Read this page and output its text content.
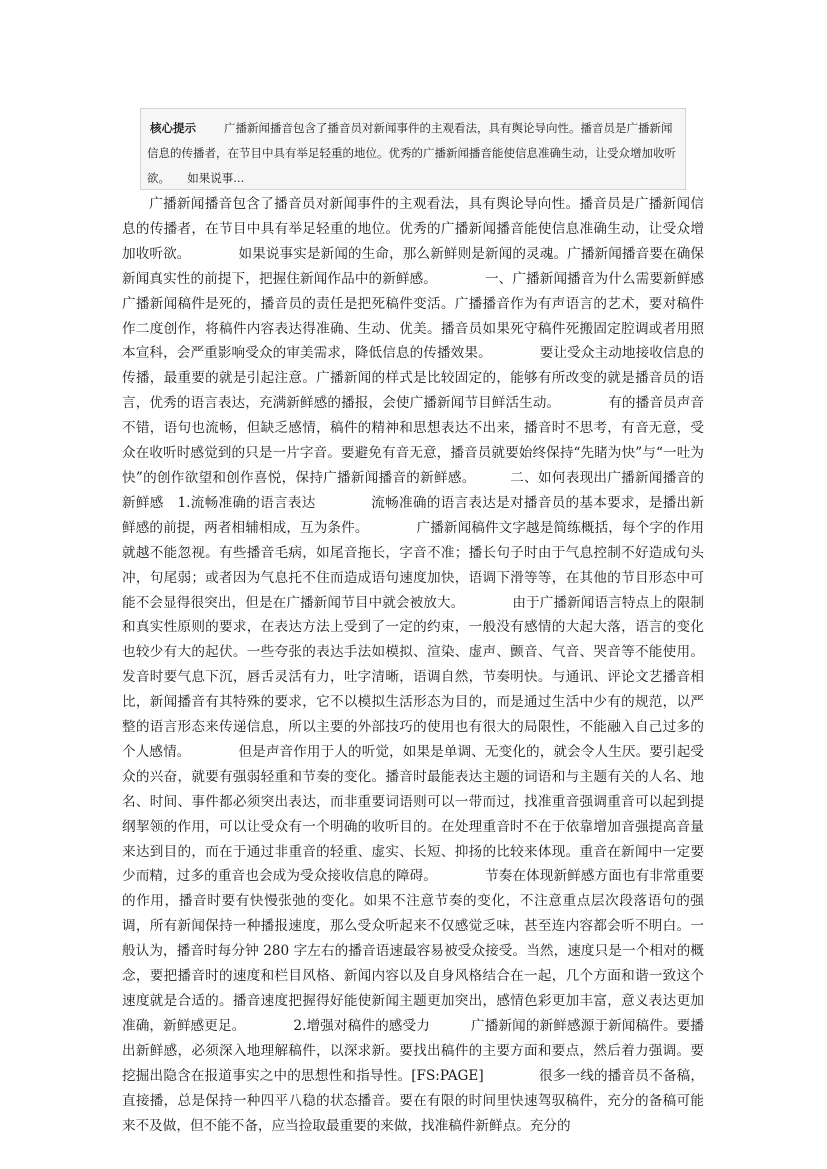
核心提示 广播新闻播音包含了播音员对新闻事件的主观看法，具有舆论导向性。播音员是广播新闻信息的传播者，在节目中具有举足轻重的地位。优秀的广播新闻播音能使信息准确生动，让受众增加收听欲。　　如果说事...

广播新闻播音包含了播音员对新闻事件的主观看法，具有舆论导向性。播音员是广播新闻信息的传播者，在节目中具有举足轻重的地位。优秀的广播新闻播音能使信息准确生动，让受众增加收听欲。　　　　如果说事实是新闻的生命，那么新鲜则是新闻的灵魂。广播新闻播音要在确保新闻真实性的前提下，把握住新闻作品中的新鲜感。　　　　一、广播新闻播音为什么需要新鲜感　　　广播新闻稿件是死的，播音员的责任是把死稿件变活。广播播音作为有声语言的艺术，要对稿件作二度创作，将稿件内容表达得准确、生动、优美。播音员如果死守稿件死搬固定腔调或者用照本宣科，会严重影响受众的审美需求，降低信息的传播效果。　　　　要让受众主动地接收信息的传播，最重要的就是引起注意。广播新闻的样式是比较固定的，能够有所改变的就是播音员的语言，优秀的语言表达，充满新鲜感的播报，会使广播新闻节目鲜活生动。　　　　有的播音员声音不错，语句也流畅，但缺乏感情，稿件的精神和思想表达不出来，播音时不思考，有音无意，受众在收听时感觉到的只是一片字音。要避免有音无意，播音员就要始终保持“先睹为快”与“一吐为快”的创作欲望和创作喜悦，保持广播新闻播音的新鲜感。　　　二、如何表现出广播新闻播音的新鲜感　1.流畅准确的语言表达　　　　流畅准确的语言表达是对播音员的基本要求，是播出新鲜感的前提，两者相辅相成，互为条件。　　　　广播新闻稿件文字越是简练概括，每个字的作用就越不能忽视。有些播音毛病，如尾音拖长，字音不准；播长句子时由于气息控制不好造成句头冲，句尾弱；或者因为气息托不住而造成语句速度加快，语调下滑等等，在其他的节目形态中可能不会显得很突出，但是在广播新闻节目中就会被放大。　　　　由于广播新闻语言特点上的限制和真实性原则的要求，在表达方法上受到了一定的约束，一般没有感情的大起大落，语言的变化也较少有大的起伏。一些夸张的表达手法如模拟、渲染、虚声、颤音、气音、哭音等不能使用。发音时要气息下沉，唇舌灵活有力，吐字清晰，语调自然，节奏明快。与通讯、评论文艺播音相比，新闻播音有其特殊的要求，它不以模拟生活形态为目的，而是通过生活中少有的规范，以严整的语言形态来传递信息，所以主要的外部技巧的使用也有很大的局限性，不能融入自己过多的个人感情。　　　　但是声音作用于人的听觉，如果是单调、无变化的，就会令人生厌。要引起受众的兴奋，就要有强弱轻重和节奏的变化。播音时最能表达主题的词语和与主题有关的人名、地名、时间、事件都必须突出表达，而非重要词语则可以一带而过，找准重音强调重音可以起到提纲挈领的作用，可以让受众有一个明确的收听目的。在处理重音时不在于依靠增加音强提高音量来达到目的，而在于通过非重音的轻重、虚实、长短、抑扬的比较来体现。重音在新闻中一定要少而精，过多的重音也会成为受众接收信息的障碍。　　　　节奏在体现新鲜感方面也有非常重要的作用，播音时要有快慢张弛的变化。如果不注意节奏的变化，不注意重点层次段落语句的强调，所有新闻保持一种播报速度，那么受众听起来不仅感觉乏味，甚至连内容都会听不明白。一般认为，播音时每分钟 280 字左右的播音语速最容易被受众接受。当然，速度只是一个相对的概念，要把播音时的速度和栏目风格、新闻内容以及自身风格结合在一起，几个方面和谐一致这个速度就是合适的。播音速度把握得好能使新闻主题更加突出，感情色彩更加丰富，意义表达更加准确，新鲜感更足。　　　　2.增强对稿件的感受力　　　广播新闻的新鲜感源于新闻稿件。要播出新鲜感，必须深入地理解稿件，以深求新。要找出稿件的主要方面和要点，然后着力强调。要挖掘出隐含在报道事实之中的思想性和指导性。[FS:PAGE]　　　　很多一线的播音员不备稿，直接播，总是保持一种四平八稳的状态播音。要在有限的时间里快速驾驭稿件，充分的备稿可能来不及做，但不能不备，应当捡取最重要的来做，找准稿件新鲜点。充分的
